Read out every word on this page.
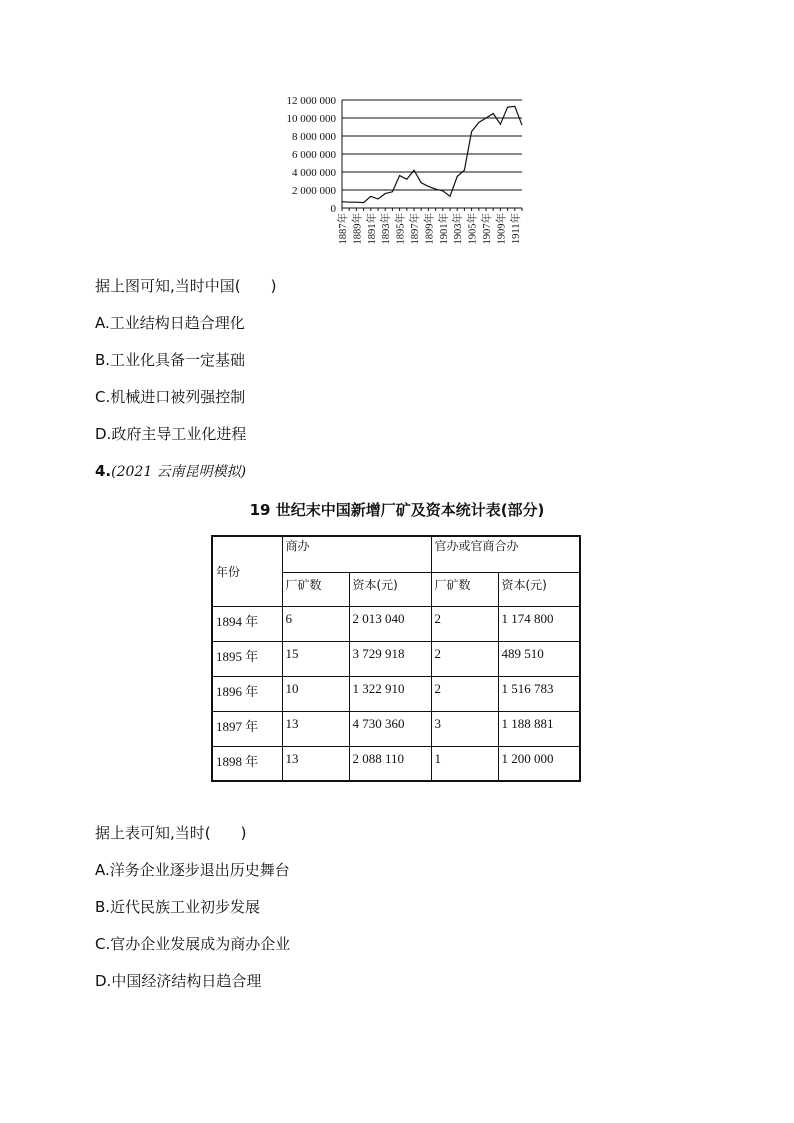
12 000 000
10 000 000
8 000 000
6 000 000
4 000 000
2 000 000
0
1887年 1889年 1891年 1893年 1895年 1897年 1899年 1901年 1903年 1905年 1907年 1909年 1911年
据上图可知,当时中国(　　)
A.工业结构日趋合理化
B.工业化具备一定基础
C.机械进口被列强控制
D.政府主导工业化进程
4.(2021 云南昆明模拟)
19 世纪末中国新增厂矿及资本统计表(部分)
年份	商办		官办或官商合办	
	厂矿数	资本(元)	厂矿数	资本(元)
1894 年	6	2 013 040	2	1 174 800
1895 年	15	3 729 918	2	489 510
1896 年	10	1 322 910	2	1 516 783
1897 年	13	4 730 360	3	1 188 881
1898 年	13	2 088 110	1	1 200 000
据上表可知,当时(　　)
A.洋务企业逐步退出历史舞台
B.近代民族工业初步发展
C.官办企业发展成为商办企业
D.中国经济结构日趋合理
